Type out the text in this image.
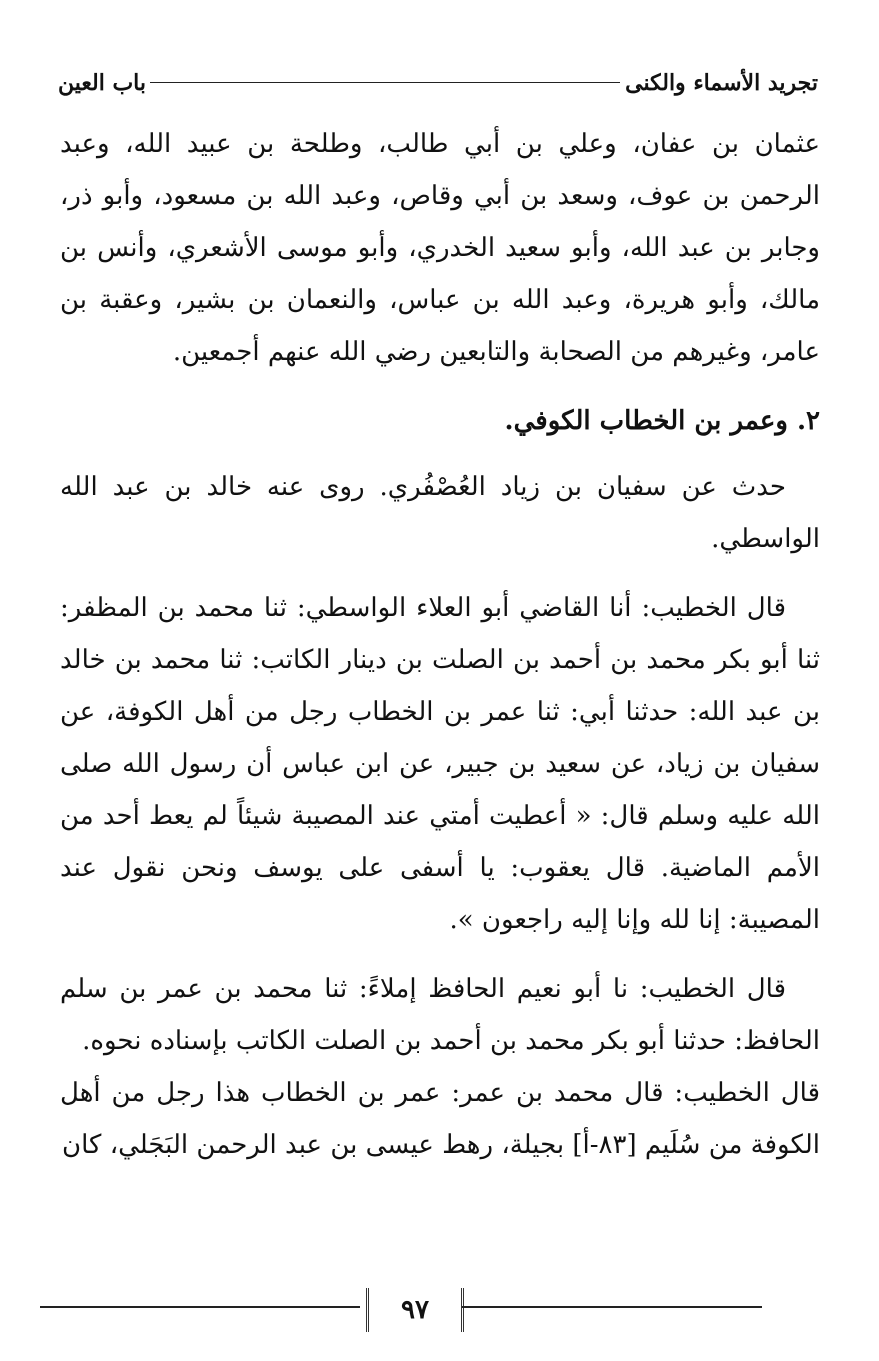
تجريد الأسماء والكنى
باب العين

عثمان بن عفان، وعلي بن أبي طالب، وطلحة بن عبيد الله، وعبد الرحمن بن عوف، وسعد بن أبي وقاص، وعبد الله بن مسعود، وأبو ذر، وجابر بن عبد الله، وأبو سعيد الخدري، وأبو موسى الأشعري، وأنس بن مالك، وأبو هريرة، وعبد الله بن عباس، والنعمان بن بشير، وعقبة بن عامر، وغيرهم من الصحابة والتابعين رضي الله عنهم أجمعين.

٢. وعمر بن الخطاب الكوفي.

حدث عن سفيان بن زياد العُصْفُري. روى عنه خالد بن عبد الله الواسطي.

قال الخطيب: أنا القاضي أبو العلاء الواسطي: ثنا محمد بن المظفر: ثنا أبو بكر محمد بن أحمد بن الصلت بن دينار الكاتب: ثنا محمد بن خالد بن عبد الله: حدثنا أبي: ثنا عمر بن الخطاب رجل من أهل الكوفة، عن سفيان بن زياد، عن سعيد بن جبير، عن ابن عباس أن رسول الله صلى الله عليه وسلم قال: « أعطيت أمتي عند المصيبة شيئاً لم يعط أحد من الأمم الماضية. قال يعقوب: يا أسفى على يوسف ونحن نقول عند المصيبة: إنا لله وإنا إليه راجعون ».

قال الخطيب: نا أبو نعيم الحافظ إملاءً: ثنا محمد بن عمر بن سلم الحافظ: حدثنا أبو بكر محمد بن أحمد بن الصلت الكاتب بإسناده نحوه.

قال الخطيب: قال محمد بن عمر: عمر بن الخطاب هذا رجل من أهل الكوفة من سُلَيم [٨٣-أ] بجيلة، رهط عيسى بن عبد الرحمن البَجَلي، كان

٩٧
